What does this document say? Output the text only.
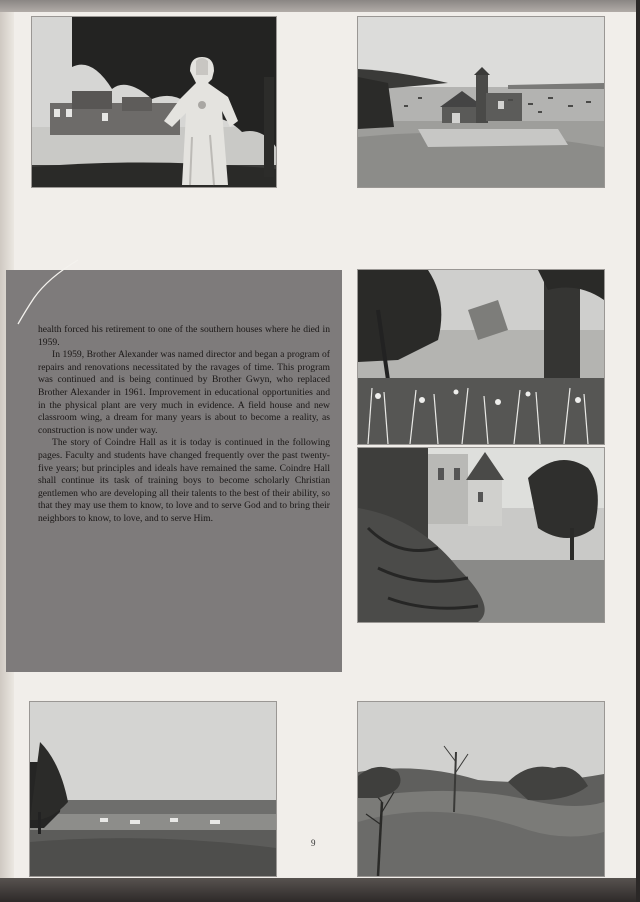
health forced his retirement to one of the southern houses where he died in 1959.

In 1959, Brother Alexander was named director and began a program of repairs and renovations necessitated by the ravages of time. This program was continued and is being continued by Brother Gwyn, who replaced Brother Alexander in 1961. Improvement in educational opportunities and in the physical plant are very much in evidence. A field house and new classroom wing, a dream for many years is about to become a reality, as construction is now under way.

The story of Coindre Hall as it is today is continued in the following pages. Faculty and students have changed frequently over the past twenty-five years; but principles and ideals have remained the same. Coindre Hall shall continue its task of training boys to become scholarly Christian gentlemen who are developing all their talents to the best of their ability, so that they may use them to know, to love and to serve God and to bring their neighbors to know, to love, and to serve Him.

9
